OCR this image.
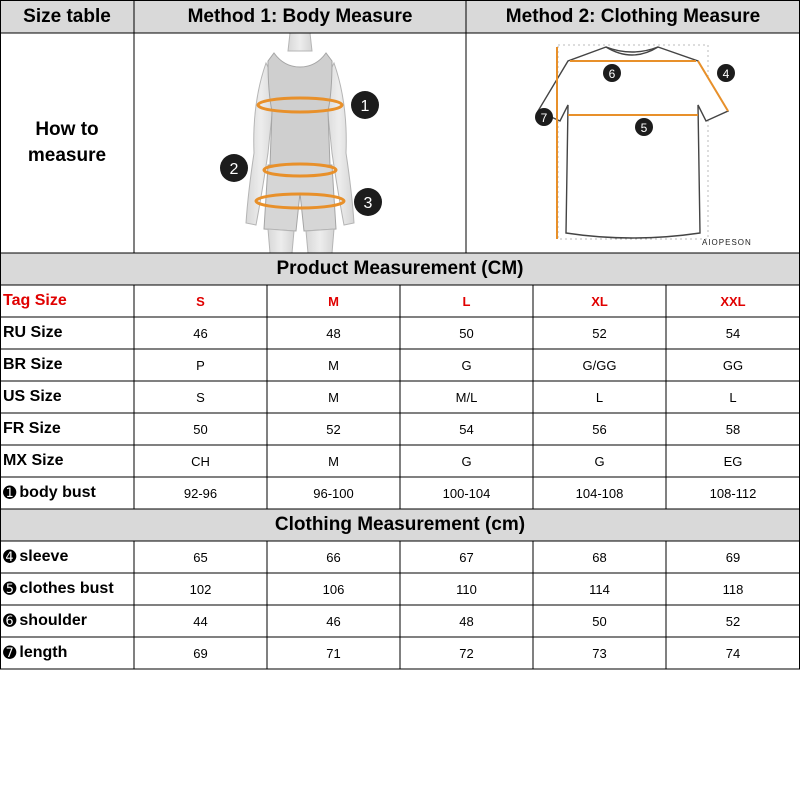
Size table	Method 1: Body Measure	Method 2: Clothing Measure
How to
measure
1
2
3
6	4
7
5
AIOPESON
Product Measurement (CM)
Tag Size	S	M	L	XL	XXL
RU Size	46	48	50	52	54
BR Size	P	M	G	G/GG	GG
US Size	S	M	M/L	L	L
FR Size	50	52	54	56	58
MX Size	CH	M	G	G	EG
➊ body bust	92-96	96-100	100-104	104-108	108-112
Clothing Measurement (cm)
➍ sleeve	65	66	67	68	69
➎ clothes bust	102	106	110	114	118
➏ shoulder	44	46	48	50	52
➐ length	69	71	72	73	74
